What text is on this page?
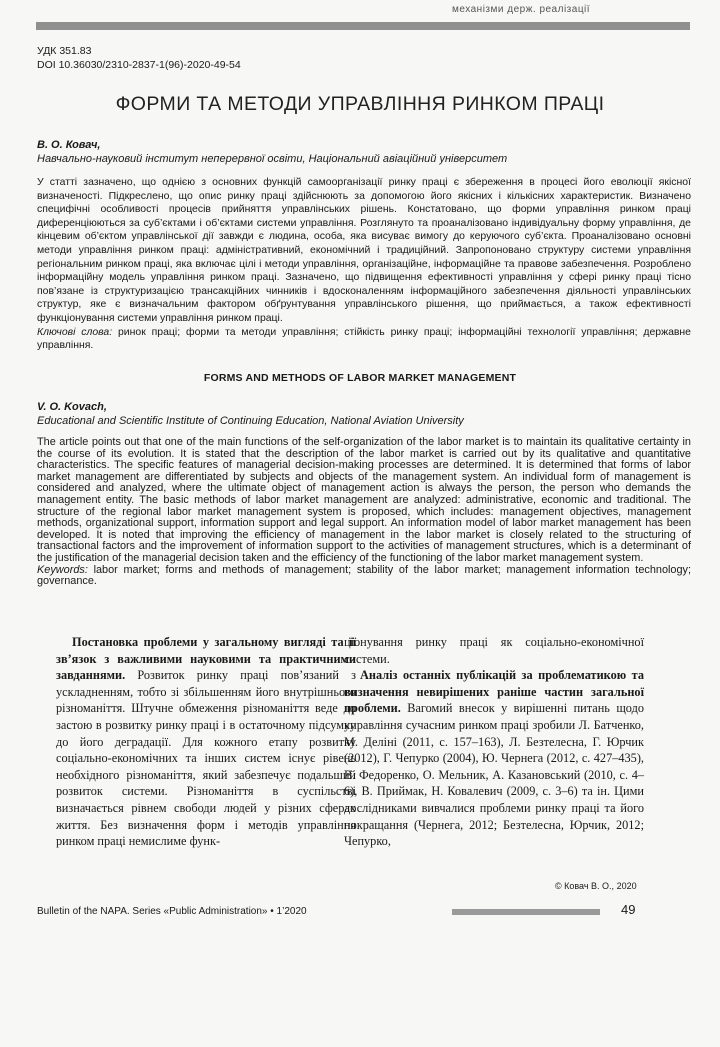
механізми держ. реалізації
УДК 351.83
DOI 10.36030/2310-2837-1(96)-2020-49-54
ФОРМИ ТА МЕТОДИ УПРАВЛІННЯ РИНКОМ ПРАЦІ
В. О. Ковач,
Навчально-науковий інститут неперервної освіти, Національний авіаційний університет

У статті зазначено, що однією з основних функцій самоорганізації ринку праці є збереження в процесі його еволюції якісної визначеності. Підкреслено, що опис ринку праці здійснюють за допомогою його якісних і кількісних характеристик. Визначено специфічні особливості процесів прийняття управлінських рішень. Констатовано, що форми управління ринком праці диференціюються за суб’єктами і об’єктами системи управління. Розглянуто та проаналізовано індивідуальну форму управління, де кінцевим об’єктом управлінської дії завжди є людина, особа, яка висуває вимогу до керуючого суб’єкта. Проаналізовано основні методи управління ринком праці: адміністративний, економічний і традиційний. Запропоновано структуру системи управління регіональним ринком праці, яка включає цілі і методи управління, організаційне, інформаційне та правове забезпечення. Розроблено інформаційну модель управління ринком праці. Зазначено, що підвищення ефективності управління у сфері ринку праці тісно пов’язане із структуризацією трансакційних чинників і вдосконаленням інформаційного забезпечення діяльності управлінських структур, яке є визначальним фактором обґрунтування управлінського рішення, що приймається, а також ефективності функціонування системи управління ринком праці.
Ключові слова: ринок праці; форми та методи управління; стійкість ринку праці; інформаційні технології управління; державне управління.

FORMS AND METHODS OF LABOR MARKET MANAGEMENT
V. O. Kovach,
Educational and Scientific Institute of Continuing Education, National Aviation University

The article points out that one of the main functions of the self-organization of the labor market is to maintain its qualitative certainty in the course of its evolution. It is stated that the description of the labor market is carried out by its qualitative and quantitative characteristics. The specific features of managerial decision-making processes are determined. It is determined that forms of labor market management are differentiated by subjects and objects of the management system. An individual form of management is considered and analyzed, where the ultimate object of management action is always the person, the person who demands the management entity. The basic methods of labor market management are analyzed: administrative, economic and traditional. The structure of the regional labor market management system is proposed, which includes: management objectives, management methods, organizational support, information support and legal support. An information model of labor market management has been developed. It is noted that improving the efficiency of management in the labor market is closely related to the structuring of transactional factors and the improvement of information support to the activities of management structures, which is a determinant of the justification of the managerial decision taken and the efficiency of the functioning of the labor market management system.
Keywords: labor market; forms and methods of management; stability of the labor market; management information technology; governance.

Постановка проблеми у загальному вигляді та її зв’язок з важливими науковими та практичними завданнями. Розвиток ринку праці пов’язаний з ускладненням, тобто зі збільшенням його внутрішнього різноманіття. Штучне обмеження різноманіття веде до застою в розвитку ринку праці і в остаточному підсумку до його деградації. Для кожного етапу розвитку соціально-економічних та інших систем існує рівень необхідного різноманіття, який забезпечує подальший розвиток системи. Різноманіття в суспільстві визначається рівнем свободи людей у різних сферах життя. Без визначення форм і методів управління ринком праці немислиме функ-

ціонування ринку праці як соціально-економічної системи.

Аналіз останніх публікацій за проблематикою та визначення невирішених раніше частин загальної проблеми. Вагомий внесок у вирішенні питань щодо управління сучасним ринком праці зробили Л. Батченко, М. Деліні (2011, с. 157–163), Л. Безтелесна, Г. Юрчик (2012), Г. Чепурко (2004), Ю. Чернега (2012, с. 427–435), В. Федоренко, О. Мельник, А. Казановський (2010, с. 4–6), В. Приймак, Н. Ковалевич (2009, с. 3–6) та ін. Цими дослідниками вивчалися проблеми ринку праці та його покращання (Чернега, 2012; Безтелесна, Юрчик, 2012; Чепурко,

© Ковач В. О., 2020
Bulletin of the NAPA. Series «Public Administration» • 1’2020	49
